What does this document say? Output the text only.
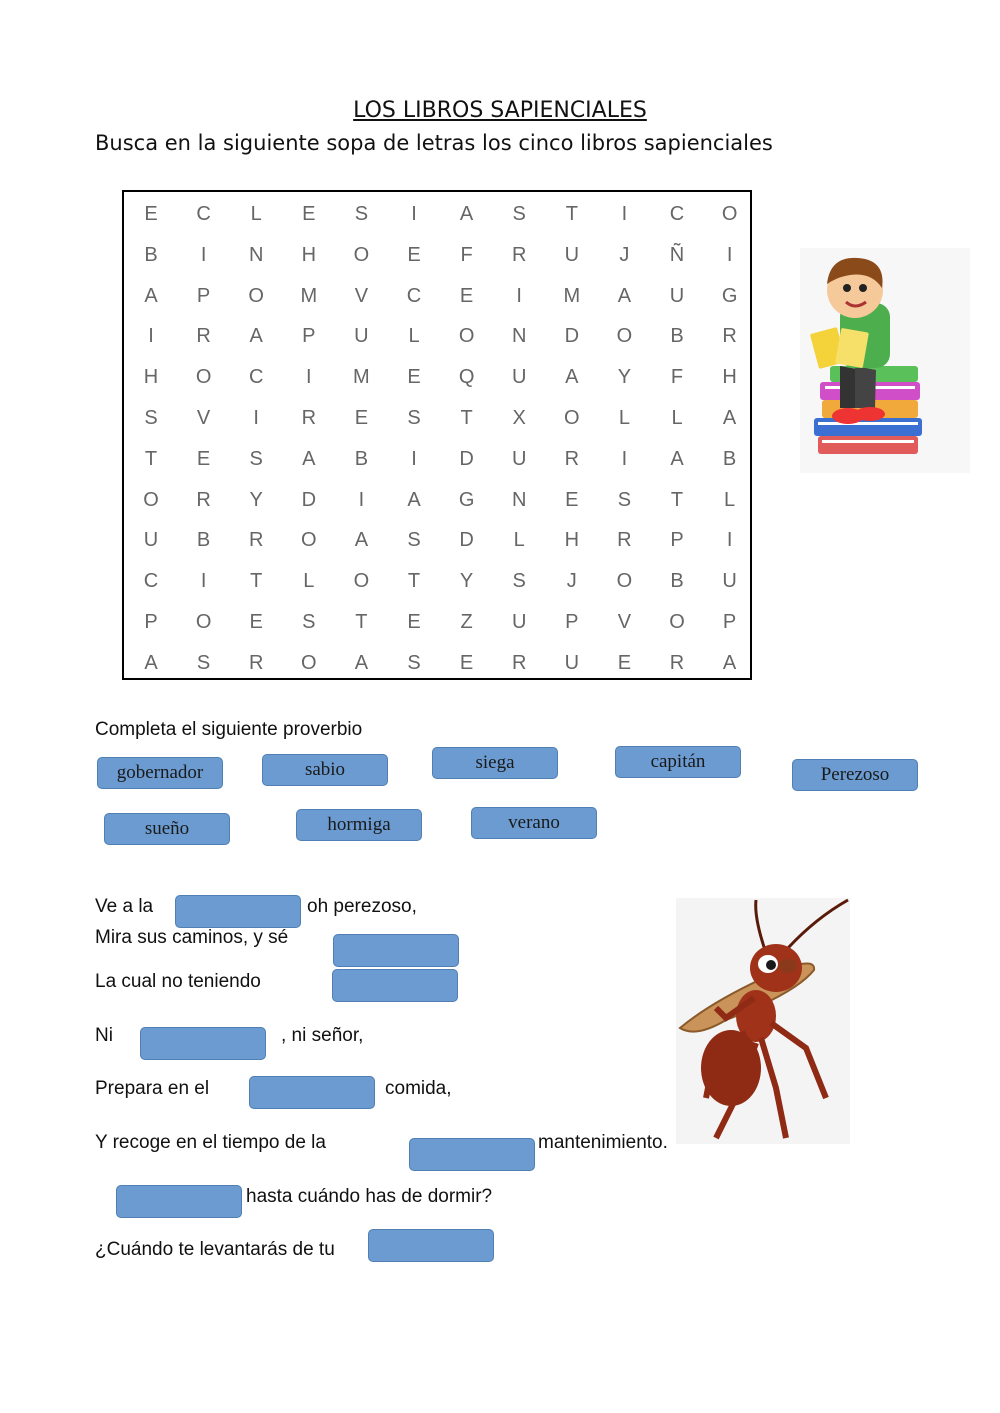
LOS LIBROS SAPIENCIALES
Busca en la siguiente sopa de letras los cinco libros sapienciales
E	C	L	E	S	I	A	S	T	I	C	O
B	I	N	H	O	E	F	R	U	J	Ñ	I
A	P	O	M	V	C	E	I	M	A	U	G
I	R	A	P	U	L	O	N	D	O	B	R
H	O	C	I	M	E	Q	U	A	Y	F	H
S	V	I	R	E	S	T	X	O	L	L	A
T	E	S	A	B	I	D	U	R	I	A	B
O	R	Y	D	I	A	G	N	E	S	T	L
U	B	R	O	A	S	D	L	H	R	P	I
C	I	T	L	O	T	Y	S	J	O	B	U
P	O	E	S	T	E	Z	U	P	V	O	P
A	S	R	O	A	S	E	R	U	E	R	A
Completa el siguiente proverbio
gobernador	sabio	siega	capitán
Perezoso
sueño	hormiga	verano
Ve a la	oh perezoso,
Mira sus caminos, y sé
La cual no teniendo
Ni	, ni señor,
Prepara en el	comida,
Y recoge en el tiempo de la	mantenimiento.
hasta cuándo has de dormir?
¿Cuándo te levantarás de tu
